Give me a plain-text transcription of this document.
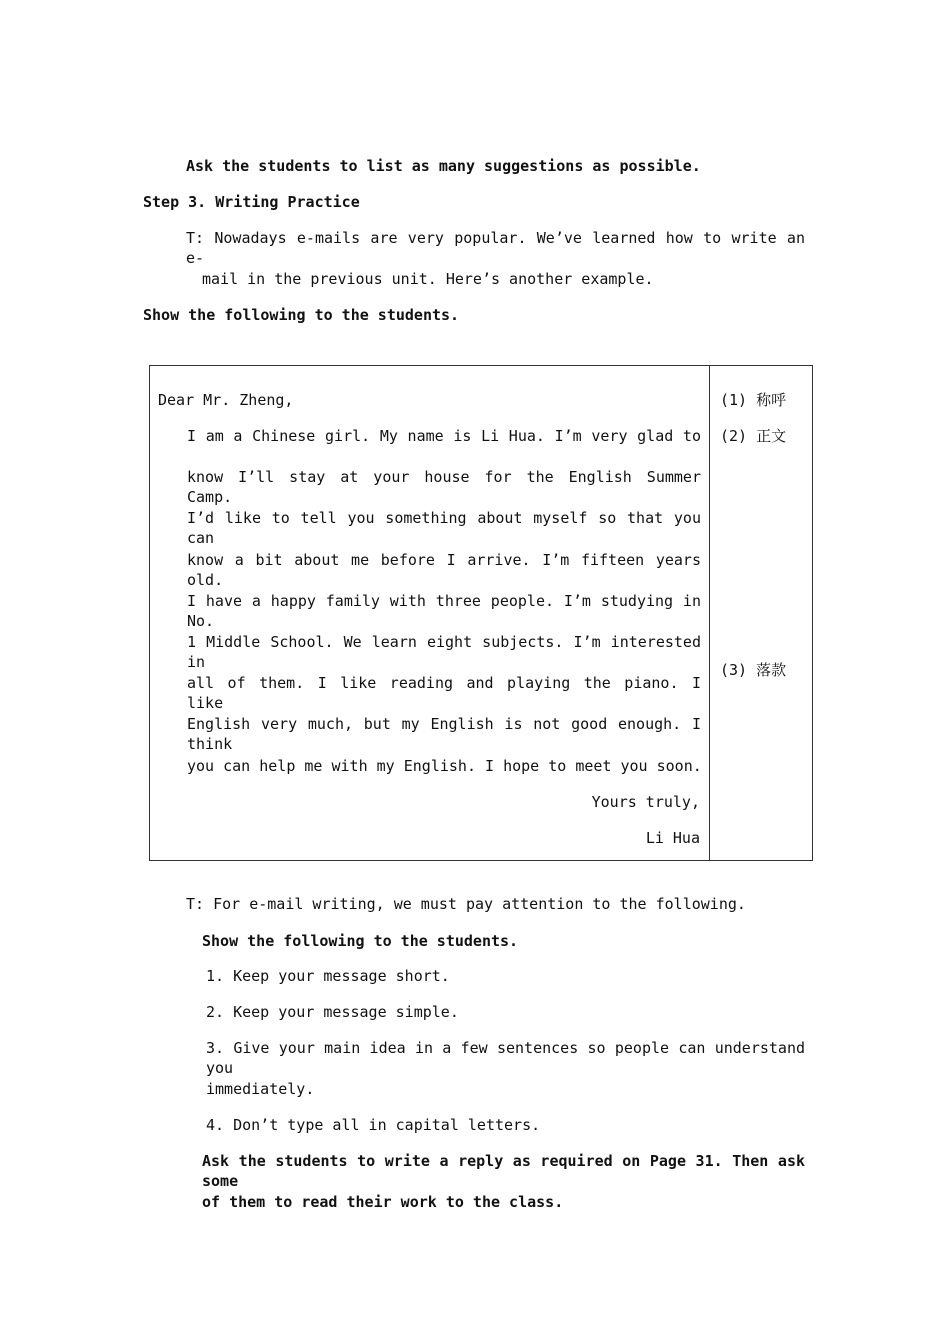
Ask the students to list as many suggestions as possible.
Step 3. Writing Practice
T: Nowadays e-mails are very popular. We’ve learned how to write an e-
mail in the previous unit. Here’s another example.
Show the following to the students.
Dear Mr. Zheng,
I am a Chinese girl. My name is Li Hua. I’m very glad to
know I’ll stay at your house for the English Summer Camp.
I’d like to tell you something about myself so that you can
know a bit about me before I arrive. I’m fifteen years old.
I have a happy family with three people. I’m studying in No.
1 Middle School. We learn eight subjects. I’m interested in
all of them. I like reading and playing the piano. I like
English very much, but my English is not good enough. I think
you can help me with my English. I hope to meet you soon.
Yours truly,
Li Hua
(1) 称呼
(2) 正文
(3) 落款
T: For e-mail writing, we must pay attention to the following.
Show the following to the students.
1. Keep your message short.
2. Keep your message simple.
3. Give your main idea in a few sentences so people can understand you
immediately.
4. Don’t type all in capital letters.
Ask the students to write a reply as required on Page 31. Then ask some
of them to read their work to the class.
